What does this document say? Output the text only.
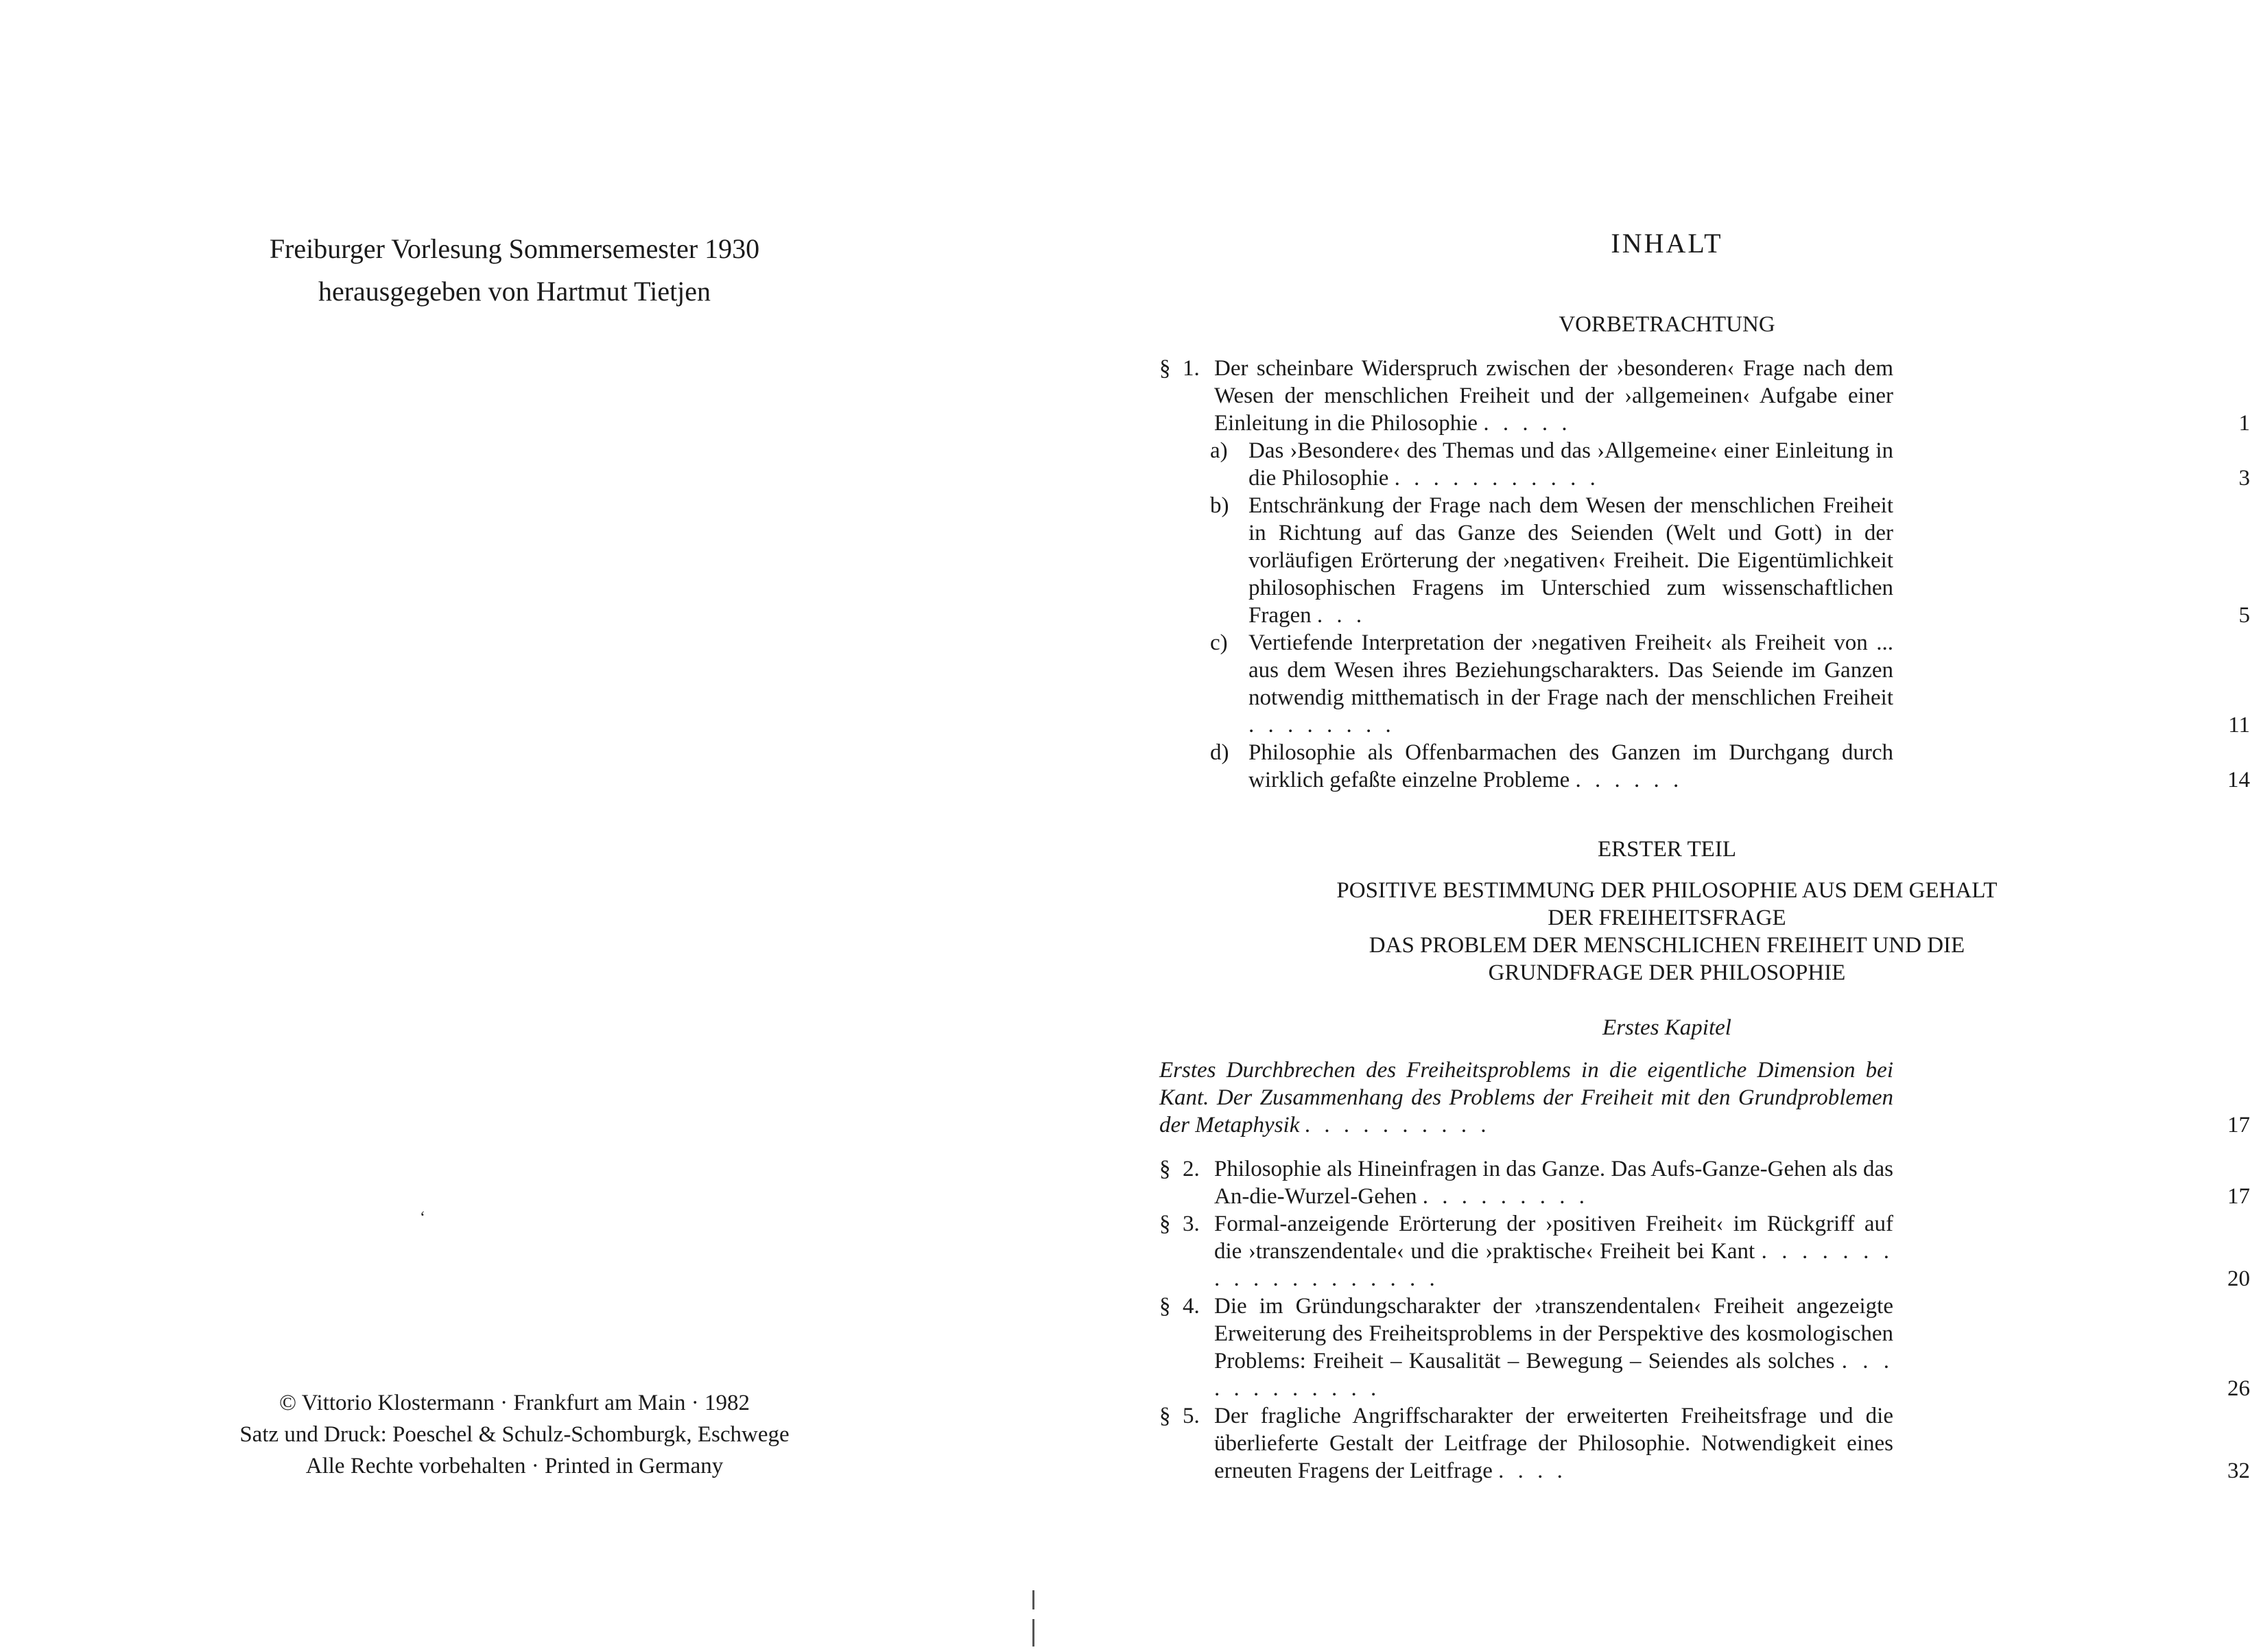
Freiburger Vorlesung Sommersemester 1930
herausgegeben von Hartmut Tietjen
‘
© Vittorio Klostermann · Frankfurt am Main · 1982
Satz und Druck: Poeschel & Schulz-Schomburgk, Eschwege
Alle Rechte vorbehalten · Printed in Germany
INHALT
VORBETRACHTUNG
§ 1. Der scheinbare Widerspruch zwischen der ›besonderen‹ Frage nach dem Wesen der menschlichen Freiheit und der ›allgemeinen‹ Aufgabe einer Einleitung in die Philosophie . . . . .	1
a) Das ›Besondere‹ des Themas und das ›Allgemeine‹ einer Einleitung in die Philosophie . . . . . . . . . . .	3
b) Entschränkung der Frage nach dem Wesen der menschlichen Freiheit in Richtung auf das Ganze des Seienden (Welt und Gott) in der vorläufigen Erörterung der ›negativen‹ Freiheit. Die Eigentümlichkeit philosophischen Fragens im Unterschied zum wissenschaftlichen Fragen . . .	5
c) Vertiefende Interpretation der ›negativen Freiheit‹ als Freiheit von ... aus dem Wesen ihres Beziehungscharakters. Das Seiende im Ganzen notwendig mitthematisch in der Frage nach der menschlichen Freiheit . . . . . . . .	11
d) Philosophie als Offenbarmachen des Ganzen im Durchgang durch wirklich gefaßte einzelne Probleme . . . . . .	14
ERSTER TEIL
POSITIVE BESTIMMUNG DER PHILOSOPHIE AUS DEM GEHALT
DER FREIHEITSFRAGE
DAS PROBLEM DER MENSCHLICHEN FREIHEIT UND DIE
GRUNDFRAGE DER PHILOSOPHIE
Erstes Kapitel
Erstes Durchbrechen des Freiheitsproblems in die eigentliche Dimension bei Kant. Der Zusammenhang des Problems der Freiheit mit den Grundproblemen der Metaphysik . . . . . . . . . .	17
§ 2. Philosophie als Hineinfragen in das Ganze. Das Aufs-Ganze-Gehen als das An-die-Wurzel-Gehen . . . . . . . . .	17
§ 3. Formal-anzeigende Erörterung der ›positiven Freiheit‹ im Rückgriff auf die ›transzendentale‹ und die ›praktische‹ Freiheit bei Kant . . . . . . . . . . . . . . . . . . .	20
§ 4. Die im Gründungscharakter der ›transzendentalen‹ Freiheit angezeigte Erweiterung des Freiheitsproblems in der Perspektive des kosmologischen Problems: Freiheit – Kausalität – Bewegung – Seiendes als solches . . . . . . . . . . . .	26
§ 5. Der fragliche Angriffscharakter der erweiterten Freiheitsfrage und die überlieferte Gestalt der Leitfrage der Philosophie. Notwendigkeit eines erneuten Fragens der Leitfrage . . . .	32
